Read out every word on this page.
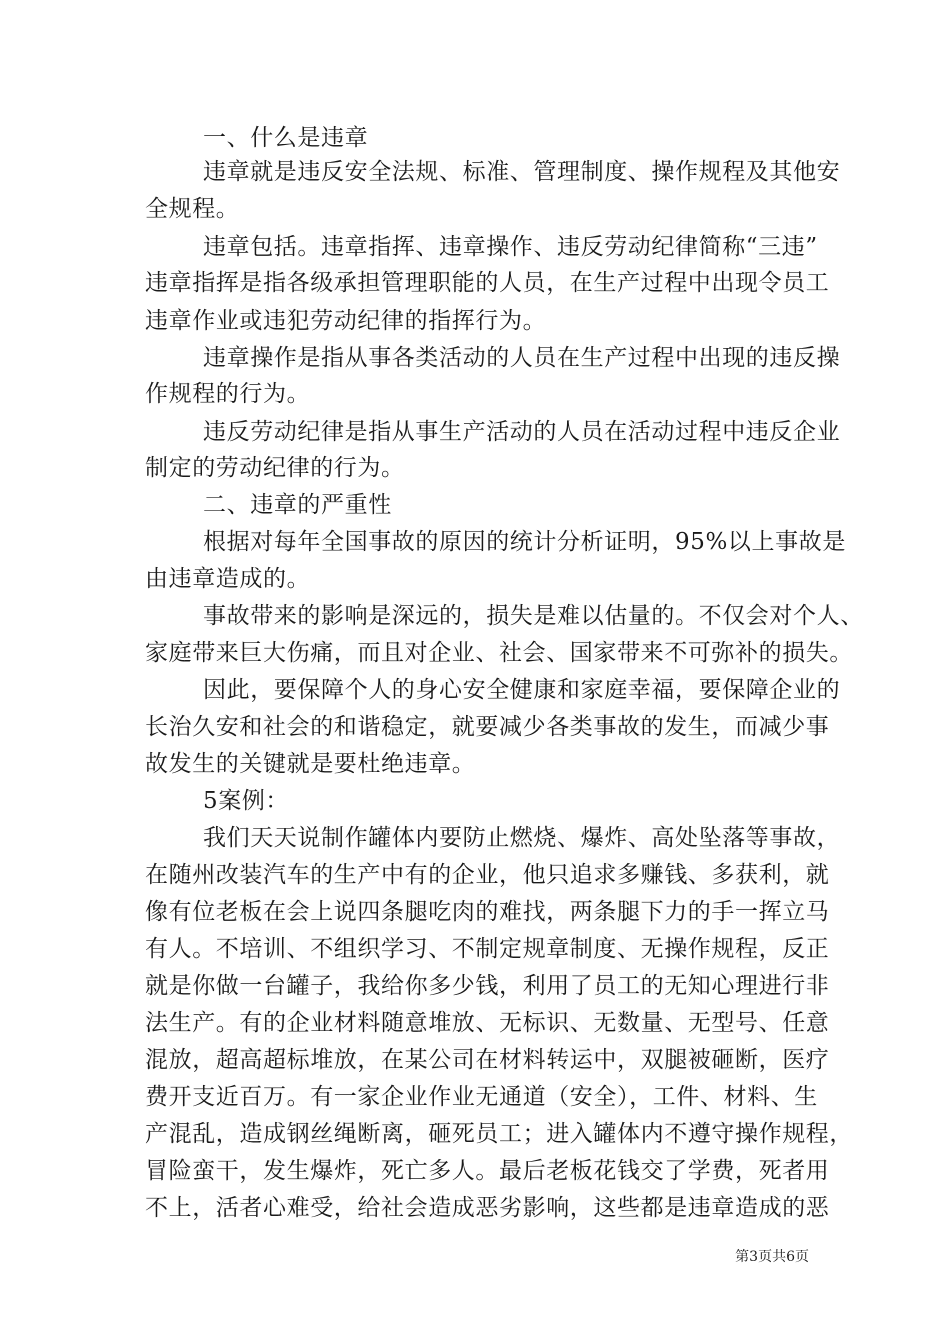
一、什么是违章
违章就是违反安全法规、标准、管理制度、操作规程及其他安
全规程。
违章包括。违章指挥、违章操作、违反劳动纪律简称“三违”
违章指挥是指各级承担管理职能的人员，在生产过程中出现令员工
违章作业或违犯劳动纪律的指挥行为。
违章操作是指从事各类活动的人员在生产过程中出现的违反操
作规程的行为。
违反劳动纪律是指从事生产活动的人员在活动过程中违反企业
制定的劳动纪律的行为。
二、违章的严重性
根据对每年全国事故的原因的统计分析证明，95%以上事故是
由违章造成的。
事故带来的影响是深远的，损失是难以估量的。不仅会对个人、
家庭带来巨大伤痛，而且对企业、社会、国家带来不可弥补的损失。
因此，要保障个人的身心安全健康和家庭幸福，要保障企业的
长治久安和社会的和谐稳定，就要减少各类事故的发生，而减少事
故发生的关键就是要杜绝违章。
5案例：
我们天天说制作罐体内要防止燃烧、爆炸、高处坠落等事故，
在随州改装汽车的生产中有的企业，他只追求多赚钱、多获利，就
像有位老板在会上说四条腿吃肉的难找，两条腿下力的手一挥立马
有人。不培训、不组织学习、不制定规章制度、无操作规程，反正
就是你做一台罐子，我给你多少钱，利用了员工的无知心理进行非
法生产。有的企业材料随意堆放、无标识、无数量、无型号、任意
混放，超高超标堆放，在某公司在材料转运中，双腿被砸断，医疗
费开支近百万。有一家企业作业无通道（安全），工件、材料、生
产混乱，造成钢丝绳断离，砸死员工；进入罐体内不遵守操作规程，
冒险蛮干，发生爆炸，死亡多人。最后老板花钱交了学费，死者用
不上，活者心难受，给社会造成恶劣影响，这些都是违章造成的恶
第3页共6页
